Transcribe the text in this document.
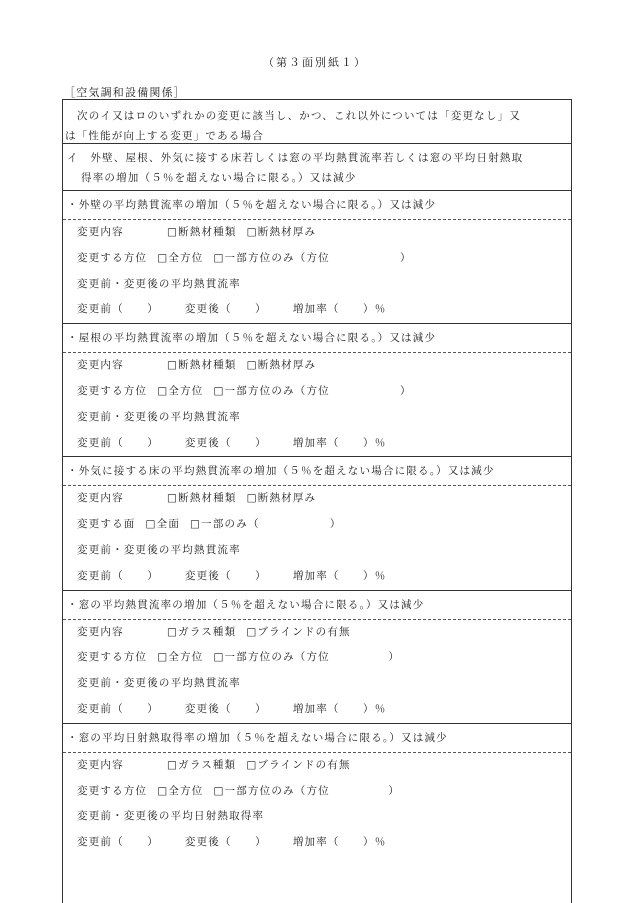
（第３面別紙１）
［空気調和設備関係］
次のイ又はロのいずれかの変更に該当し、かつ、これ以外については「変更なし」又
は「性能が向上する変更」である場合
イ　外壁、屋根、外気に接する床若しくは窓の平均熱貫流率若しくは窓の平均日射熱取
得率の増加（５％を超えない場合に限る。）又は減少
・外壁の平均熱貫流率の増加（５％を超えない場合に限る。）又は減少
変更内容	□断熱材種類 □断熱材厚み
変更する方位 □全方位 □一部方位のみ（方位　　　　　　）
変更前・変更後の平均熱貫流率
変更前（　　） 変更後（　　） 増加率（　　）％
・屋根の平均熱貫流率の増加（５％を超えない場合に限る。）又は減少
変更内容	□断熱材種類 □断熱材厚み
変更する方位 □全方位 □一部方位のみ（方位　　　　　　）
変更前・変更後の平均熱貫流率
変更前（　　） 変更後（　　） 増加率（　　）％
・外気に接する床の平均熱貫流率の増加（５％を超えない場合に限る。）又は減少
変更内容	□断熱材種類 □断熱材厚み
変更する面 □全面 □一部のみ（　　　　　　）
変更前・変更後の平均熱貫流率
変更前（　　） 変更後（　　） 増加率（　　）％
・窓の平均熱貫流率の増加（５％を超えない場合に限る。）又は減少
変更内容	□ガラス種類 □ブラインドの有無
変更する方位 □全方位 □一部方位のみ（方位　　　　　）
変更前・変更後の平均熱貫流率
変更前（　　） 変更後（　　） 増加率（　　）％
・窓の平均日射熱取得率の増加（５％を超えない場合に限る。）又は減少
変更内容	□ガラス種類 □ブラインドの有無
変更する方位 □全方位 □一部方位のみ（方位　　　　　）
変更前・変更後の平均日射熱取得率
変更前（　　） 変更後（　　） 増加率（　　）％
